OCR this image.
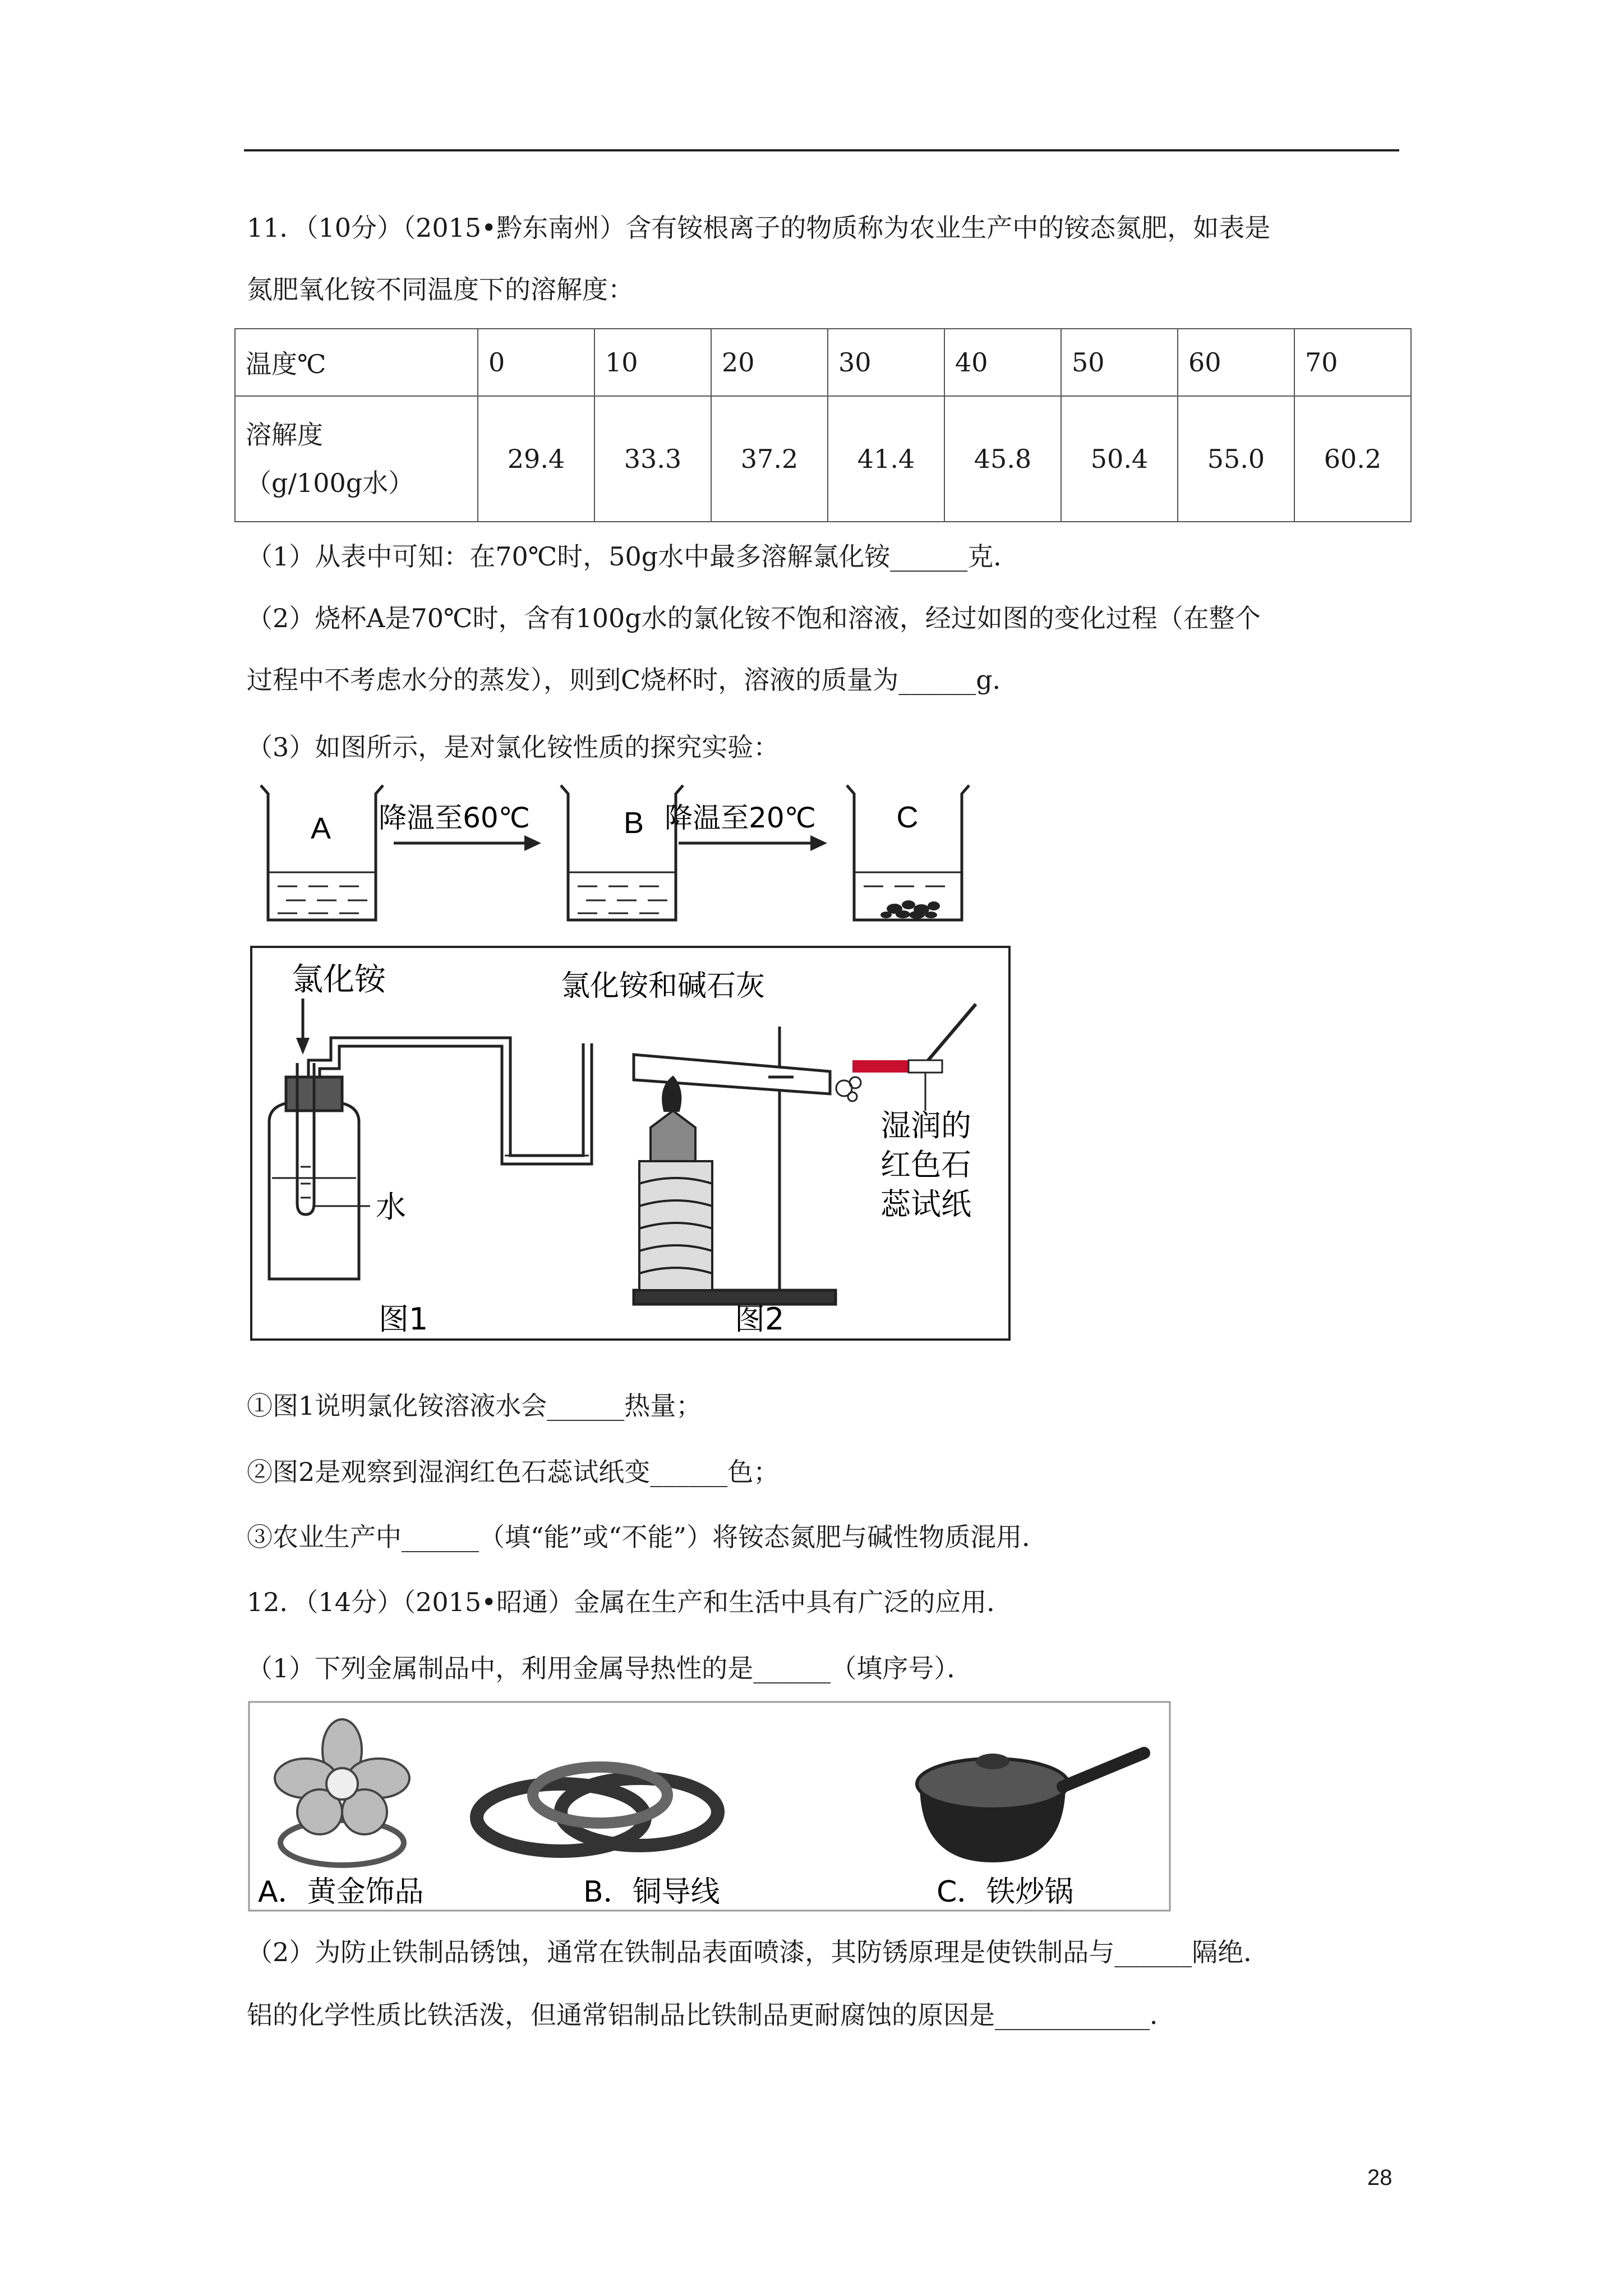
11．（10分）（2015•黔东南州）含有铵根离子的物质称为农业生产中的铵态氮肥，如表是
氮肥氧化铵不同温度下的溶解度：
温度℃	0	10	20	30	40	50	60	70

溶解度（g/100g水）	29.4	33.3	37.2	41.4	45.8	50.4	55.0	60.2
（1）从表中可知：在70℃时，50g水中最多溶解氯化铵______克．
（2）烧杯A是70℃时，含有100g水的氯化铵不饱和溶液，经过如图的变化过程（在整个
过程中不考虑水分的蒸发），则到C烧杯时，溶液的质量为______g．
（3）如图所示，是对氯化铵性质的探究实验：
A 降温至60℃	B 降温至20℃	C
氯化铵
水
氯化铵和碱石灰
湿润的
红色石
蕊试纸
图1	图2
①图1说明氯化铵溶液水会______热量；
②图2是观察到湿润红色石蕊试纸变______色；
③农业生产中______（填“能”或“不能”）将铵态氮肥与碱性物质混用．
12．（14分）（2015•昭通）金属在生产和生活中具有广泛的应用．
（1）下列金属制品中，利用金属导热性的是______（填序号）．
A．黄金饰品	B．铜导线	C．铁炒锅
（2）为防止铁制品锈蚀，通常在铁制品表面喷漆，其防锈原理是使铁制品与______隔绝．
铝的化学性质比铁活泼，但通常铝制品比铁制品更耐腐蚀的原因是____________．
28
